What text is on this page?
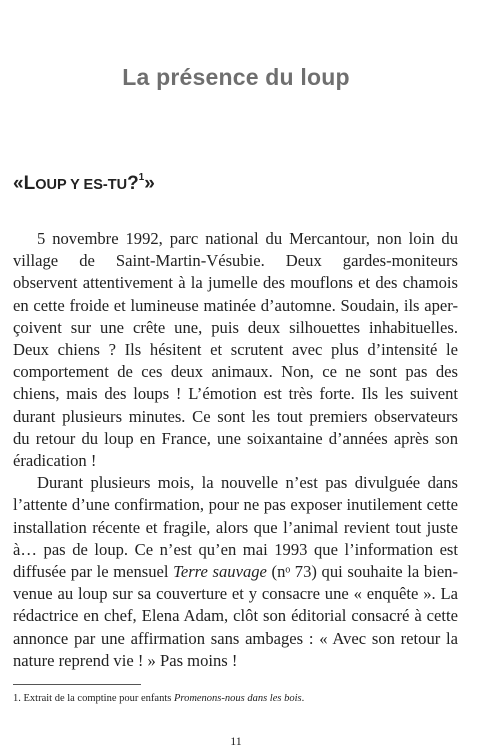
La présence du loup
«LOUP Y ES-TU?$^1$»

5 novembre 1992, parc national du Mercantour, non loin du village de Saint-Martin-Vésubie. Deux gardes-moniteurs observent attentivement à la jumelle des mouflons et des chamois en cette froide et lumineuse matinée d’automne. Soudain, ils aper-çoivent sur une crête une, puis deux silhouettes inhabituelles. Deux chiens ? Ils hésitent et scrutent avec plus d’intensité le comportement de ces deux animaux. Non, ce ne sont pas des chiens, mais des loups ! L’émotion est très forte. Ils les suivent durant plusieurs minutes. Ce sont les tout premiers observateurs du retour du loup en France, une soixantaine d’années après son éradication !

Durant plusieurs mois, la nouvelle n’est pas divulguée dans l’attente d’une confirmation, pour ne pas exposer inutilement cette installation récente et fragile, alors que l’animal revient tout juste à… pas de loup. Ce n’est qu’en mai 1993 que l’information est diffusée par le mensuel Terre sauvage (nᵒ 73) qui souhaite la bien-venue au loup sur sa couverture et y consacre une « enquête ». La rédactrice en chef, Elena Adam, clôt son éditorial consacré à cette annonce par une affirmation sans ambages : « Avec son retour la nature reprend vie ! » Pas moins !

1. Extrait de la comptine pour enfants Promenons-nous dans les bois.

11
